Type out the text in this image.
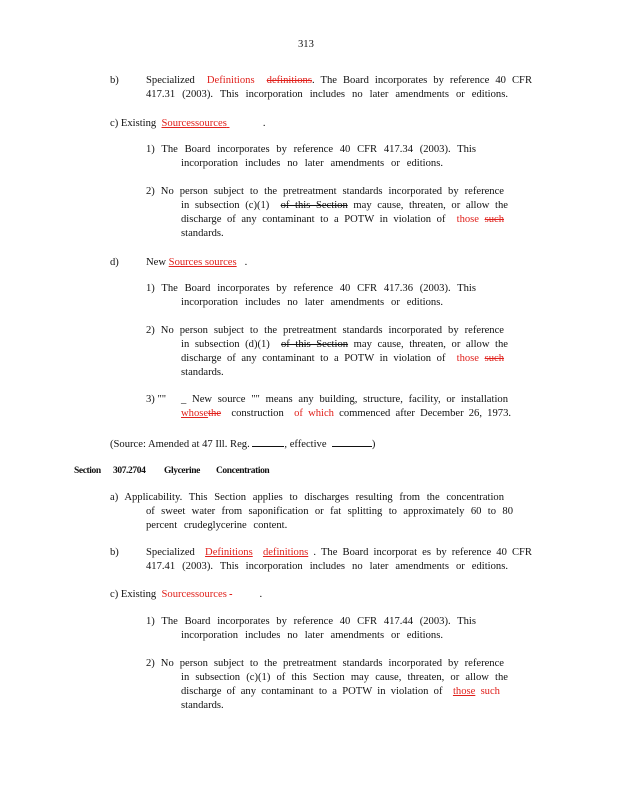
313
b)	Specialized Definitions definitions. The Board incorporates by reference 40 CFR
417.31 (2003). This incorporation includes no later amendments or editions.
c) Existing Sourcessources	.
1) The Board incorporates by reference 40 CFR 417.34 (2003). This
incorporation includes no later amendments or editions.
2) No person subject to the pretreatment standards incorporated by reference
in subsection (c)(1) of this Section may cause, threaten, or allow the
discharge of any contaminant to a POTW in violation of those such
standards.
d)	New Sources sources .
1) The Board incorporates by reference 40 CFR 417.36 (2003). This
incorporation includes no later amendments or editions.
2) No person subject to the pretreatment standards incorporated by reference
in subsection (d)(1) of this Section may cause, threaten, or allow the
discharge of any contaminant to a POTW in violation of those such
standards.
3) "" _ New source "" means any building, structure, facility, or installation
whosethe construction of which commenced after December 26, 1973.
(Source: Amended at 47 Ill. Reg.	, effective	)
Section 307.2704 Glycerine Concentration
a) Applicability. This Section applies to discharges resulting from the concentration
of sweet water from saponification or fat splitting to approximately 60 to 80
percent crudeglycerine content.
b)	Specialized Definitions definitions . The Board incorporat es by reference 40 CFR
417.41 (2003). This incorporation includes no later amendments or editions.
c) Existing Sourcessources	.
1) The Board incorporates by reference 40 CFR 417.44 (2003). This
incorporation includes no later amendments or editions.
2) No person subject to the pretreatment standards incorporated by reference
in subsection (c)(1) of this Section may cause, threaten, or allow the
discharge of any contaminant to a POTW in violation of those such
standards.
